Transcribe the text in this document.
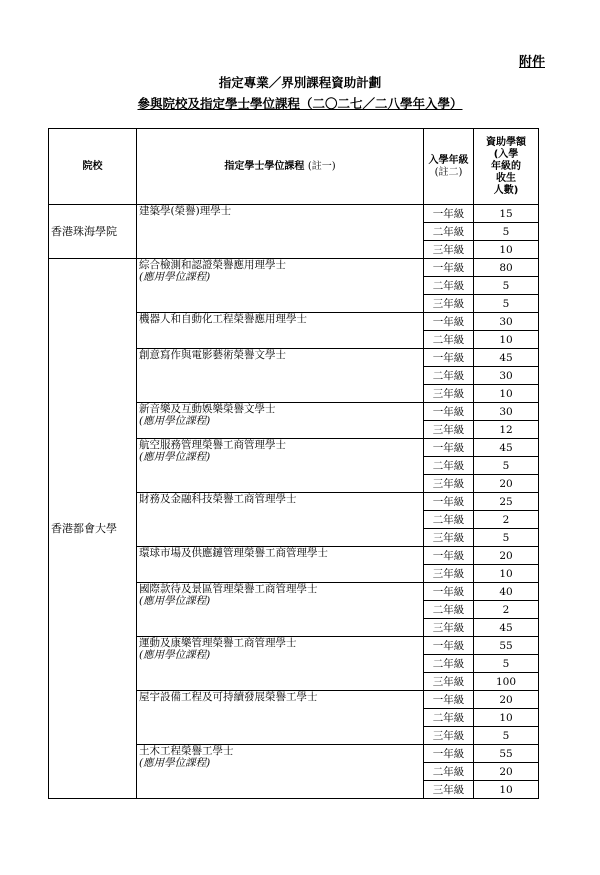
附件
指定專業／界別課程資助計劃
參與院校及指定學士學位課程（二〇二七／二八學年入學）
院校	指定學士學位課程 (註一)	入學年級
(註二)	資助學額
(入學
年級的
收生
人數)
香港珠海學院	建築學(榮譽)理學士	一年級	15
		二年級	5
		三年級	10
香港都會大學	綜合檢測和認證榮譽應用理學士
(應用學位課程)	一年級	80
		二年級	5
		三年級	5
	機器人和自動化工程榮譽應用理學士	一年級	30
		二年級	10
	創意寫作與電影藝術榮譽文學士	一年級	45
		二年級	30
		三年級	10
	新音樂及互動娛樂榮譽文學士
(應用學位課程)	一年級	30
		三年級	12
	航空服務管理榮譽工商管理學士
(應用學位課程)	一年級	45
		二年級	5
		三年級	20
	財務及金融科技榮譽工商管理學士	一年級	25
		二年級	2
		三年級	5
	環球市場及供應鏈管理榮譽工商管理學士	一年級	20
		三年級	10
	國際款待及景區管理榮譽工商管理學士
(應用學位課程)	一年級	40
		二年級	2
		三年級	45
	運動及康樂管理榮譽工商管理學士
(應用學位課程)	一年級	55
		二年級	5
		三年級	100
	屋宇設備工程及可持續發展榮譽工學士	一年級	20
		二年級	10
		三年級	5
	土木工程榮譽工學士
(應用學位課程)	一年級	55
		二年級	20
		三年級	10
